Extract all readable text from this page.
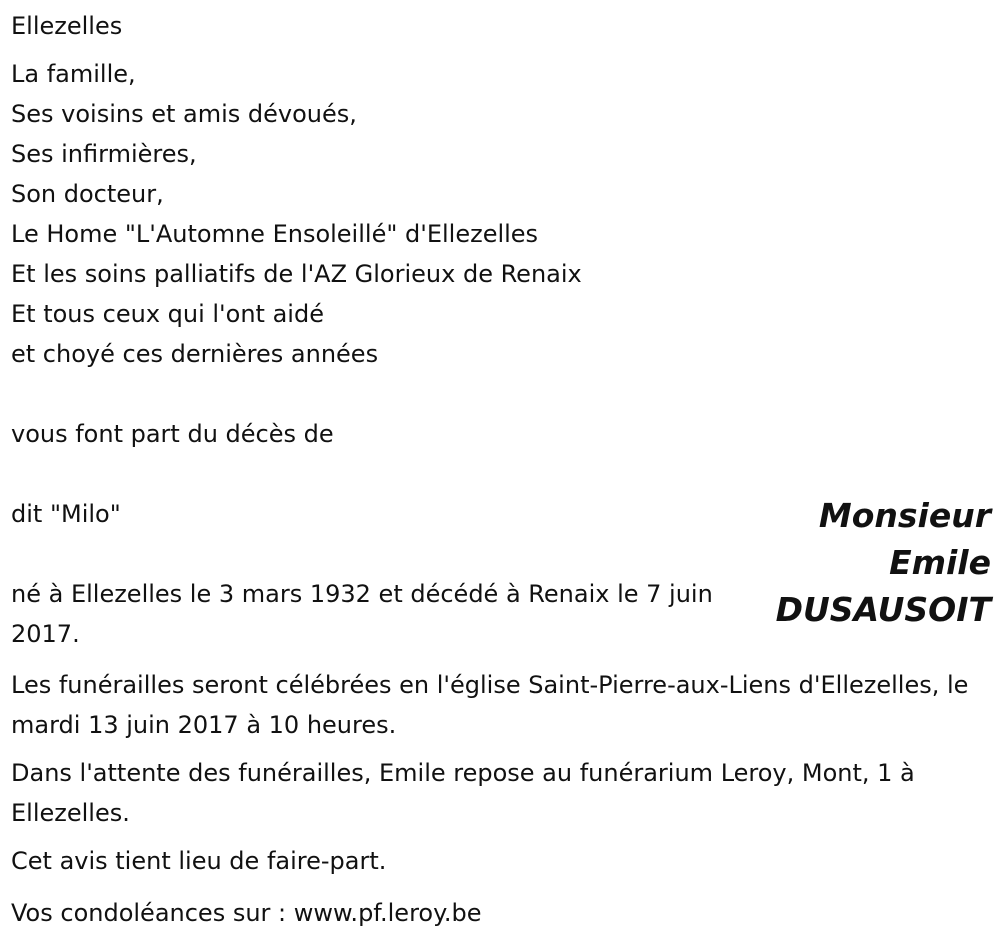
Ellezelles
La famille,
Ses voisins et amis dévoués,
Ses infirmières,
Son docteur,
Le Home "L'Automne Ensoleillé" d'Ellezelles
Et les soins palliatifs de l'AZ Glorieux de Renaix
Et tous ceux qui l'ont aidé
et choyé ces dernières années
vous font part du décès de
dit "Milo"	Monsieur
Emile
DUSAUSOIT
né à Ellezelles le 3 mars 1932 et décédé à Renaix le 7 juin 2017.
Les funérailles seront célébrées en l'église Saint-Pierre-aux-Liens d'Ellezelles, le mardi 13 juin 2017 à 10 heures.
Dans l'attente des funérailles, Emile repose au funérarium Leroy, Mont, 1 à Ellezelles.
Cet avis tient lieu de faire-part.
Vos condoléances sur : www.pf.leroy.be
